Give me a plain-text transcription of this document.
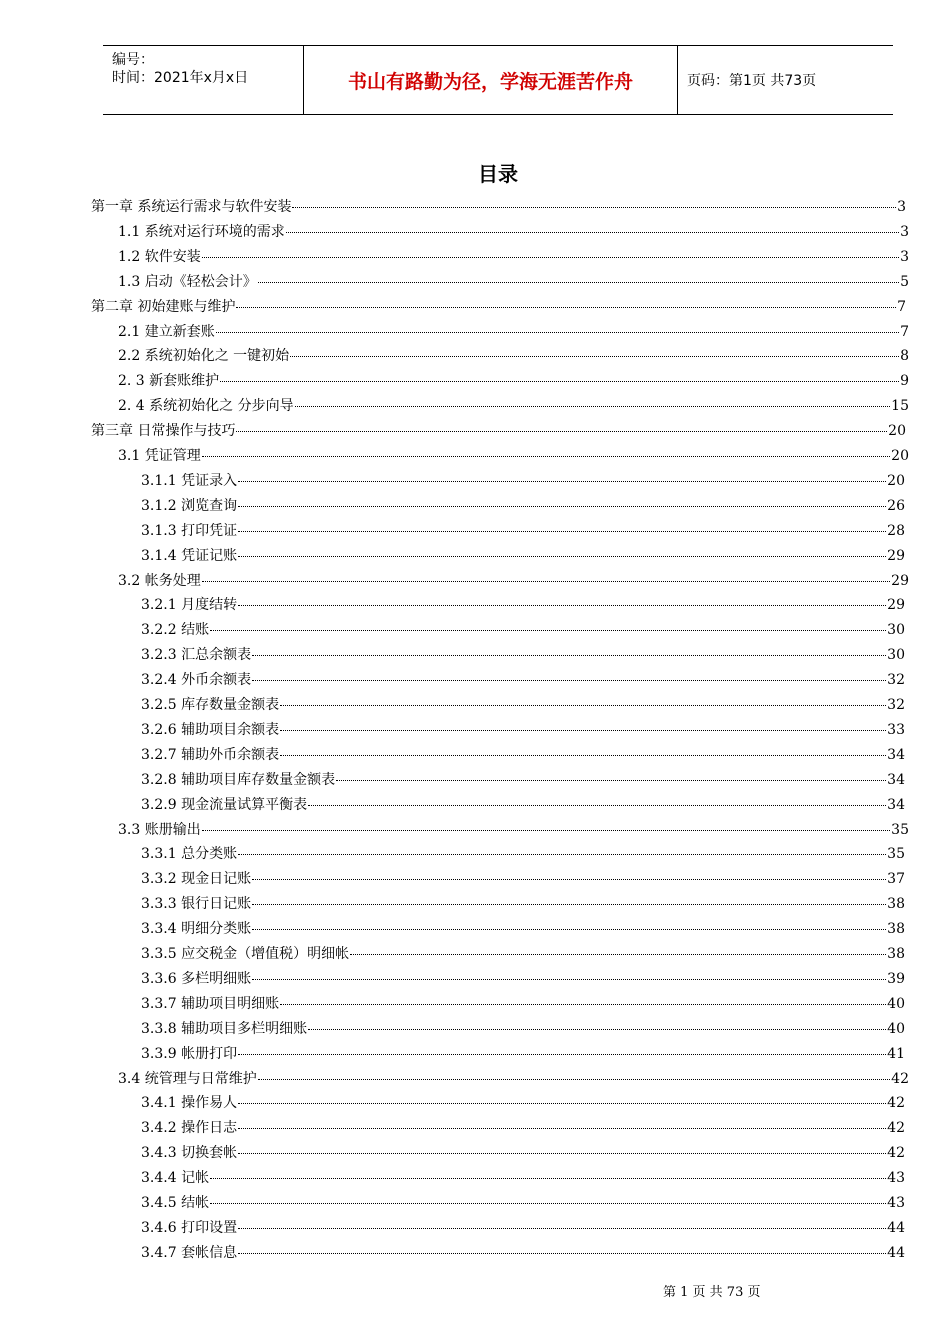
编号：
时间：2021年x月x日	书山有路勤为径，学海无涯苦作舟	页码：第1页 共73页
目录
第一章 系统运行需求与软件安装	3
1.1 系统对运行环境的需求	3
1.2 软件安装	3
1.3 启动《轻松会计》	5
第二章 初始建账与维护	7
2.1 建立新套账	7
2.2 系统初始化之 一键初始	8
2. 3 新套账维护	9
2. 4 系统初始化之 分步向导	15
第三章 日常操作与技巧	20
3.1 凭证管理	20
3.1.1 凭证录入	20
3.1.2 浏览查询	26
3.1.3 打印凭证	28
3.1.4 凭证记账	29
3.2 帐务处理	29
3.2.1 月度结转	29
3.2.2 结账	30
3.2.3 汇总余额表	30
3.2.4 外币余额表	32
3.2.5 库存数量金额表	32
3.2.6 辅助项目余额表	33
3.2.7 辅助外币余额表	34
3.2.8 辅助项目库存数量金额表	34
3.2.9 现金流量试算平衡表	34
3.3 账册输出	35
3.3.1 总分类账	35
3.3.2 现金日记账	37
3.3.3 银行日记账	38
3.3.4 明细分类账	38
3.3.5 应交税金（增值税）明细帐	38
3.3.6 多栏明细账	39
3.3.7 辅助项目明细账	40
3.3.8 辅助项目多栏明细账	40
3.3.9 帐册打印	41
3.4 统管理与日常维护	42
3.4.1 操作易人	42
3.4.2 操作日志	42
3.4.3 切换套帐	42
3.4.4 记帐	43
3.4.5 结帐	43
3.4.6 打印设置	44
3.4.7 套帐信息	44
第 1 页 共 73 页
